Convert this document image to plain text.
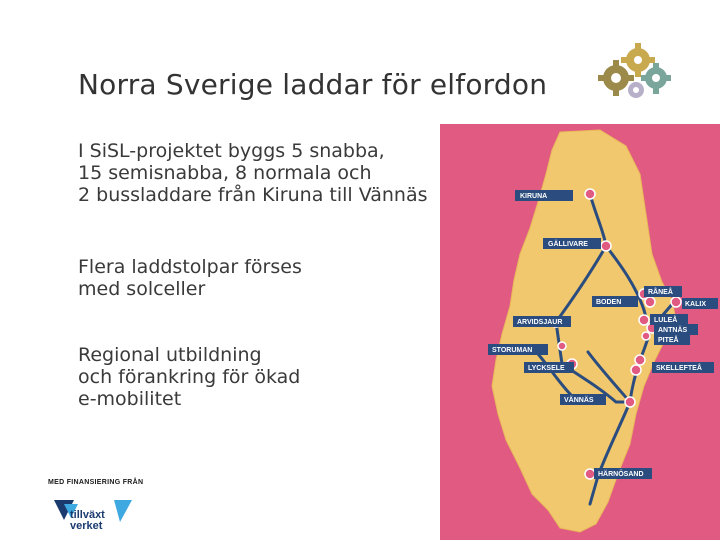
Norra Sverige laddar för elfordon
I SiSL-projektet byggs 5 snabba,
15 semisnabba, 8 normala och
2 bussladdare från Kiruna till Vännäs
Flera laddstolpar förses
med solceller
Regional utbildning
och förankring för ökad
e-mobilitet
KIRUNA
GÄLLIVARE
RÅNEÅ
BODEN	KALIX
LULEÅ
ARVIDSJAUR
ANTNÄS
PITEÅ
STORUMAN
SKELLEFTEÅ
LYCKSELE
VÄNNÄS
HÄRNÖSAND
MED FINANSIERING FRÅN
tillväxt
verket
